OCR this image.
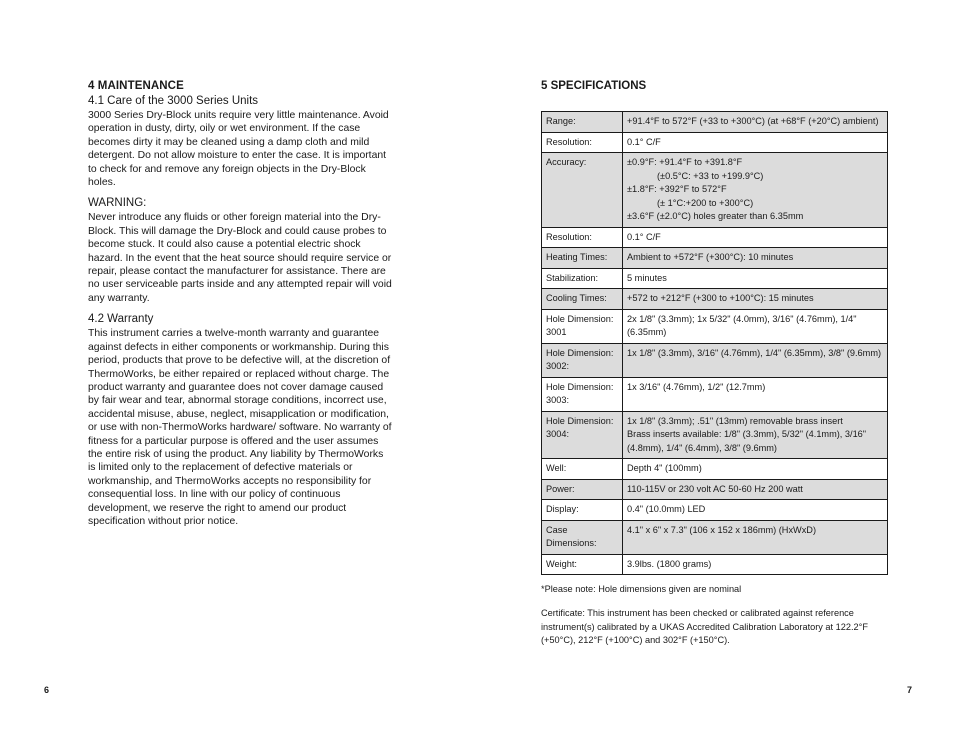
4 MAINTENANCE
4.1 Care of the 3000 Series Units

3000 Series Dry-Block units require very little maintenance. Avoid operation in dusty, dirty, oily or wet environment. If the case becomes dirty it may be cleaned using a damp cloth and mild detergent. Do not allow moisture to enter the case. It is important to check for and remove any foreign objects in the Dry-Block holes.

WARNING:

Never introduce any fluids or other foreign material into the Dry-Block. This will damage the Dry-Block and could cause probes to become stuck. It could also cause a potential electric shock hazard. In the event that the heat source should require service or repair, please contact the manufacturer for assistance. There are no user serviceable parts inside and any attempted repair will void any warranty.

4.2 Warranty

This instrument carries a twelve-month warranty and guarantee against defects in either components or workmanship. During this period, products that prove to be defective will, at the discretion of ThermoWorks, be either repaired or replaced without charge. The product warranty and guarantee does not cover damage caused by fair wear and tear, abnormal storage conditions, incorrect use, accidental misuse, abuse, neglect, misapplication or modification, or use with non-ThermoWorks hardware/ software. No warranty of fitness for a particular purpose is offered and the user assumes the entire risk of using the product. Any liability by ThermoWorks is limited only to the replacement of defective materials or workmanship, and ThermoWorks accepts no responsibility for consequential loss. In line with our policy of continuous development, we reserve the right to amend our product specification without prior notice.

6
5 SPECIFICATIONS
Range:	+91.4°F to 572°F (+33 to +300°C) (at +68°F (+20°C) ambient)
Resolution:	0.1° C/F
Accuracy:	±0.9°F: +91.4°F to +391.8°F
(±0.5°C: +33 to +199.9°C)
±1.8°F: +392°F to 572°F
(± 1°C:+200 to +300°C)
±3.6°F (±2.0°C) holes greater than 6.35mm

Resolution:	0.1° C/F
Heating Times:	Ambient to +572°F (+300°C): 10 minutes
Stabilization:	5 minutes
Cooling Times:	+572 to +212°F (+300 to +100°C): 15 minutes
Hole Dimension: 3001	2x 1/8" (3.3mm); 1x 5/32" (4.0mm), 3/16" (4.76mm), 1/4" (6.35mm)
Hole Dimension: 3002:	1x 1/8" (3.3mm), 3/16" (4.76mm), 1/4" (6.35mm), 3/8" (9.6mm)
Hole Dimension: 3003:	1x 3/16" (4.76mm), 1/2" (12.7mm)
Hole Dimension: 3004:	1x 1/8" (3.3mm); .51" (13mm) removable brass insert
Brass inserts available: 1/8" (3.3mm), 5/32" (4.1mm), 3/16" (4.8mm), 1/4" (6.4mm), 3/8" (9.6mm)

Well:	Depth 4" (100mm)
Power:	110-115V or 230 volt AC 50-60 Hz 200 watt
Display:	0.4" (10.0mm) LED
Case Dimensions:	4.1" x 6" x 7.3" (106 x 152 x 186mm) (HxWxD)
Weight:	3.9lbs. (1800 grams)

*Please note: Hole dimensions given are nominal

Certificate: This instrument has been checked or calibrated against reference instrument(s) calibrated by a UKAS Accredited Calibration Laboratory at 122.2°F (+50°C), 212°F (+100°C) and 302°F (+150°C).

7
